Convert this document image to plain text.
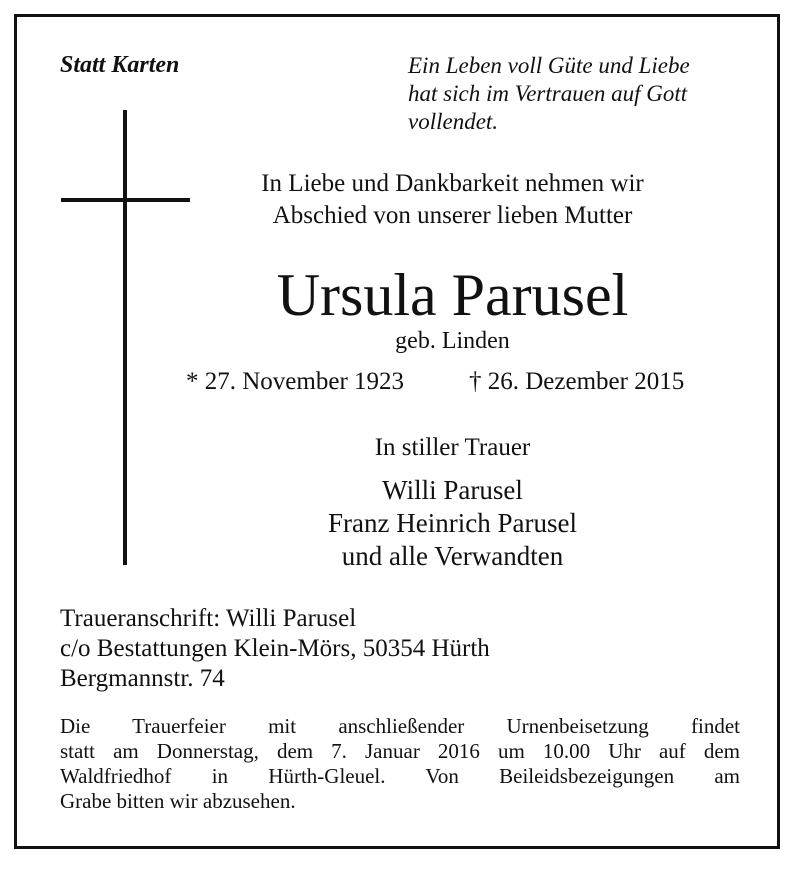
Statt Karten	Ein Leben voll Güte und Liebe
hat sich im Vertrauen auf Gott
vollendet.
In Liebe und Dankbarkeit nehmen wir
Abschied von unserer lieben Mutter
Ursula Parusel
geb. Linden
* 27. November 1923	† 26. Dezember 2015
In stiller Trauer
Willi Parusel
Franz Heinrich Parusel
und alle Verwandten
Traueranschrift: Willi Parusel
c/o Bestattungen Klein-Mörs, 50354 Hürth
Bergmannstr. 74
Die Trauerfeier mit anschließender Urnenbeisetzung findet
statt am Donnerstag, dem 7. Januar 2016 um 10.00 Uhr auf dem
Waldfriedhof in Hürth-Gleuel. Von Beileidsbezeigungen am
Grabe bitten wir abzusehen.
